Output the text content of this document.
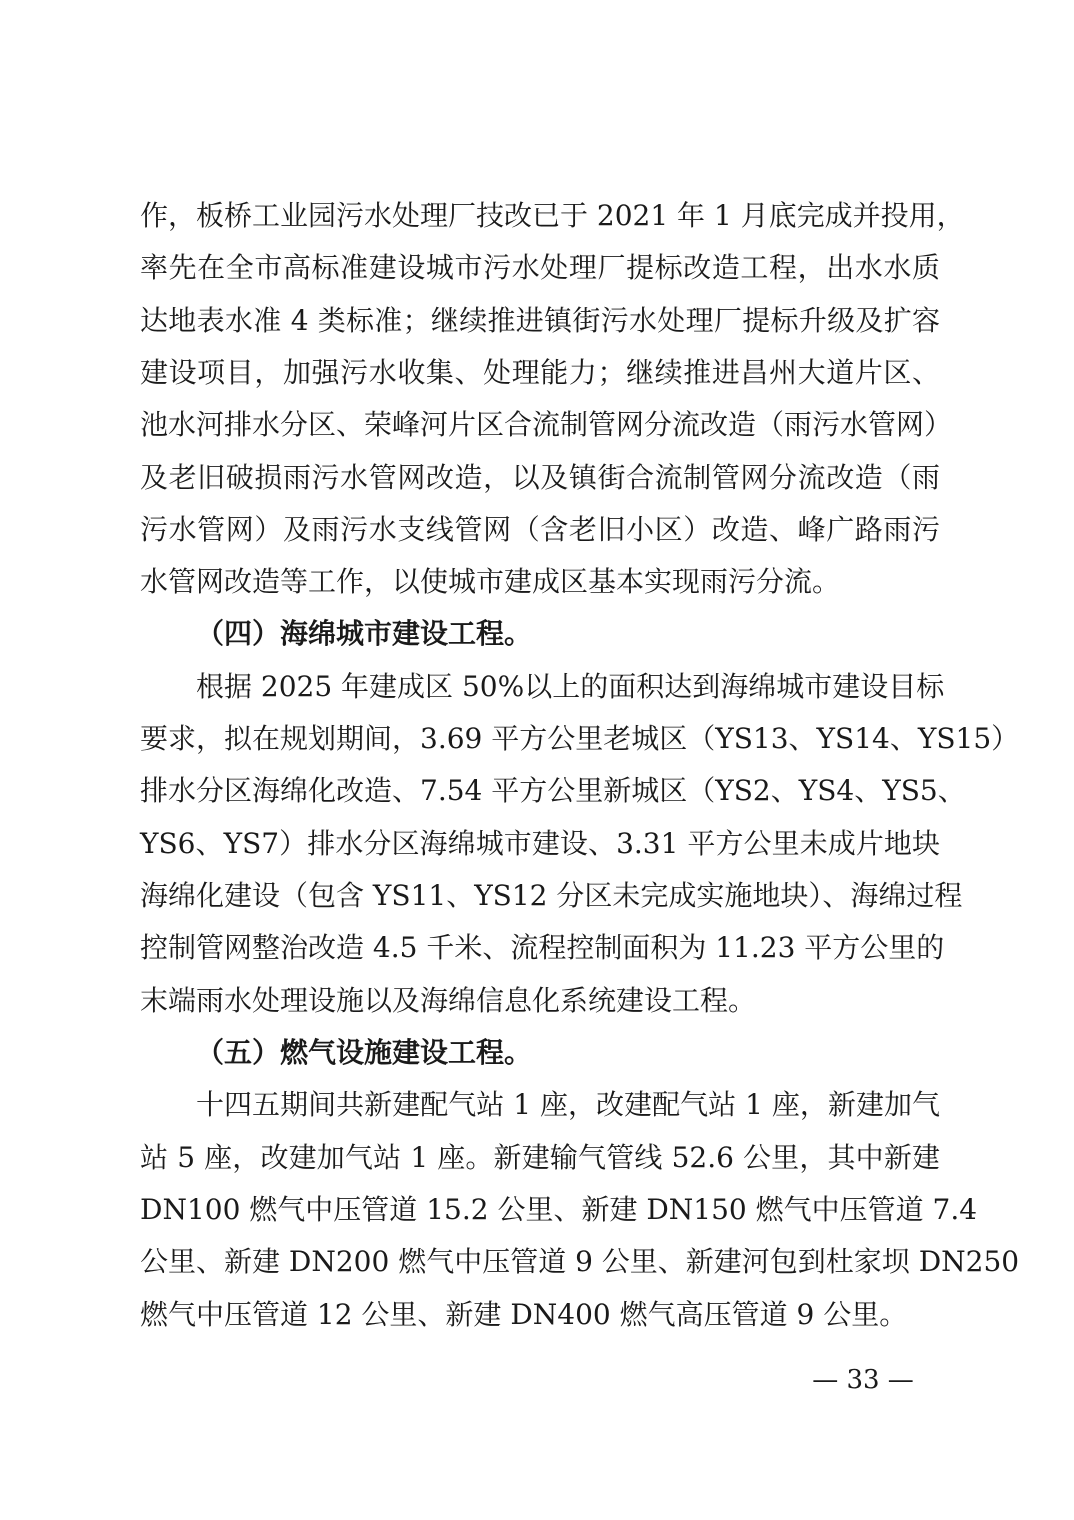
作，板桥工业园污水处理厂技改已于 2021 年 1 月底完成并投用，
率先在全市高标准建设城市污水处理厂提标改造工程，出水水质
达地表水准 4 类标准；继续推进镇街污水处理厂提标升级及扩容
建设项目，加强污水收集、处理能力；继续推进昌州大道片区、
池水河排水分区、荣峰河片区合流制管网分流改造（雨污水管网）
及老旧破损雨污水管网改造，以及镇街合流制管网分流改造（雨
污水管网）及雨污水支线管网（含老旧小区）改造、峰广路雨污
水管网改造等工作，以使城市建成区基本实现雨污分流。
（四）海绵城市建设工程。
根据 2025 年建成区 50%以上的面积达到海绵城市建设目标
要求，拟在规划期间，3.69 平方公里老城区（YS13、YS14、YS15）
排水分区海绵化改造、7.54 平方公里新城区（YS2、YS4、YS5、
YS6、YS7）排水分区海绵城市建设、3.31 平方公里未成片地块
海绵化建设（包含 YS11、YS12 分区未完成实施地块）、海绵过程
控制管网整治改造 4.5 千米、流程控制面积为 11.23 平方公里的
末端雨水处理设施以及海绵信息化系统建设工程。
（五）燃气设施建设工程。
十四五期间共新建配气站 1 座，改建配气站 1 座，新建加气
站 5 座，改建加气站 1 座。新建输气管线 52.6 公里，其中新建
DN100 燃气中压管道 15.2 公里、新建 DN150 燃气中压管道 7.4
公里、新建 DN200 燃气中压管道 9 公里、新建河包到杜家坝 DN250
燃气中压管道 12 公里、新建 DN400 燃气高压管道 9 公里。
— 33 —
